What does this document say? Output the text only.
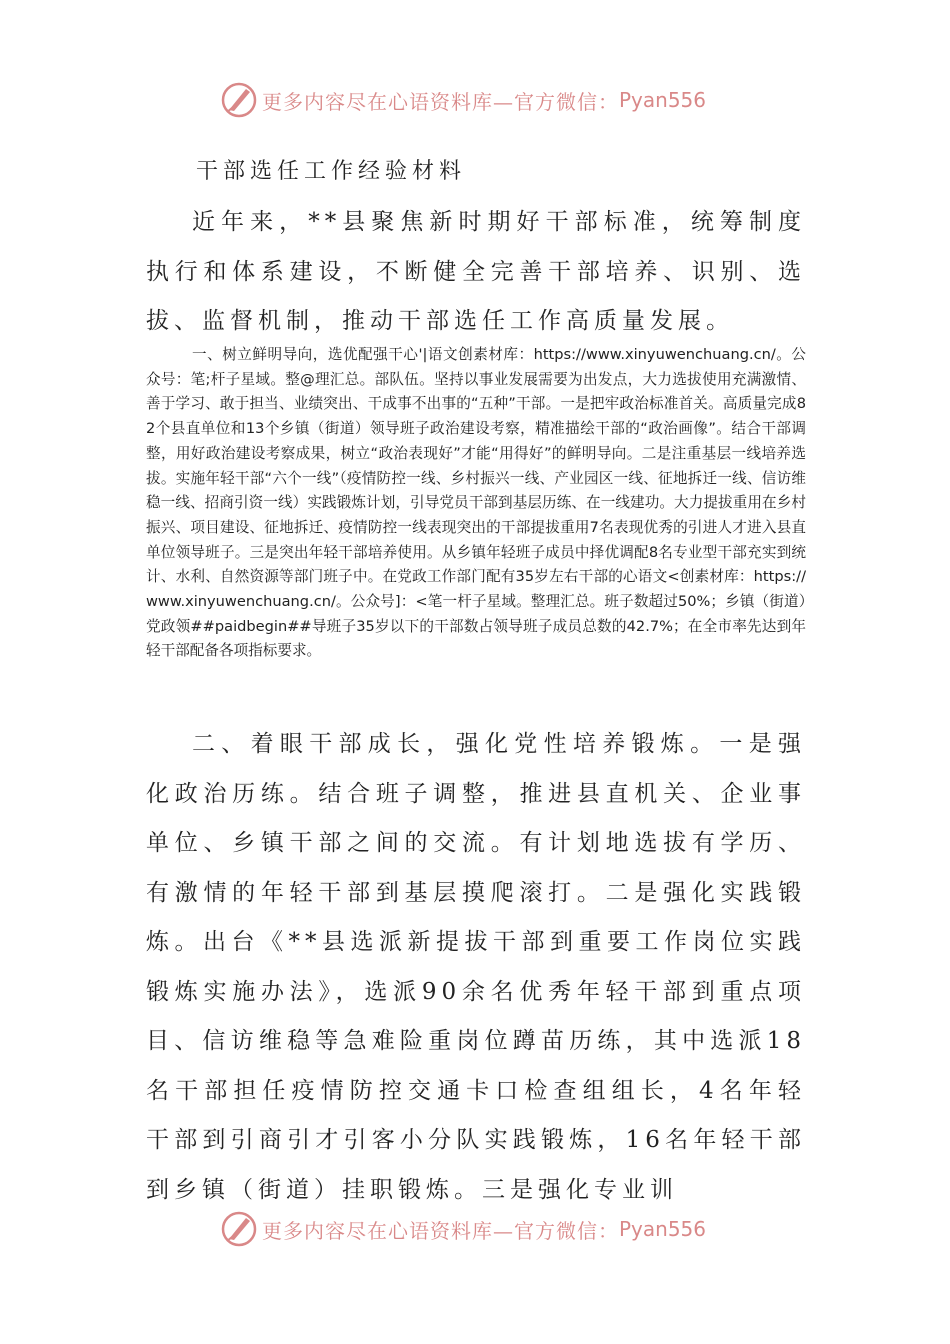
更多内容尽在心语资料库—官方微信： Pyan556
干部选任工作经验材料
近年来，**县聚焦新时期好干部标准，统筹制度执行和体系建设，不断健全完善干部培养、识别、选拔、监督机制，推动干部选任工作高质量发展。
一、树立鲜明导向，选优配强干心'|语文创素材库：https://www.xinyuwenchuang.cn/。公众号：笔;杆子星域。整@理汇总。部队伍。坚持以事业发展需要为出发点，大力选拔使用充满激情、善于学习、敢于担当、业绩突出、干成事不出事的“五种”干部。一是把牢政治标准首关。高质量完成82个县直单位和13个乡镇（街道）领导班子政治建设考察，精准描绘干部的“政治画像”。结合干部调整，用好政治建设考察成果，树立“政治表现好”才能“用得好”的鲜明导向。二是注重基层一线培养选拔。实施年轻干部“六个一线”（疫情防控一线、乡村振兴一线、产业园区一线、征地拆迁一线、信访维稳一线、招商引资一线）实践锻炼计划，引导党员干部到基层历练、在一线建功。大力提拔重用在乡村振兴、项目建设、征地拆迁、疫情防控一线表现突出的干部提拔重用7名表现优秀的引进人才进入县直单位领导班子。三是突出年轻干部培养使用。从乡镇年轻班子成员中择优调配8名专业型干部充实到统计、水利、自然资源等部门班子中。在党政工作部门配有35岁左右干部的心语文<创素材库：https://www.xinyuwenchuang.cn/。公众号]：<笔一杆子星域。整理汇总。班子数超过50%；乡镇（街道）党政领##paidbegin##导班子35岁以下的干部数占领导班子成员总数的42.7%；在全市率先达到年轻干部配备各项指标要求。
二、着眼干部成长，强化党性培养锻炼。一是强化政治历练。结合班子调整，推进县直机关、企业事单位、乡镇干部之间的交流。有计划地选拔有学历、有激情的年轻干部到基层摸爬滚打。二是强化实践锻炼。出台《**县选派新提拔干部到重要工作岗位实践锻炼实施办法》，选派90余名优秀年轻干部到重点项目、信访维稳等急难险重岗位蹲苗历练，其中选派18名干部担任疫情防控交通卡口检查组组长，4名年轻干部到引商引才引客小分队实践锻炼，16名年轻干部到乡镇（街道）挂职锻炼。三是强化专业训
更多内容尽在心语资料库—官方微信： Pyan556
